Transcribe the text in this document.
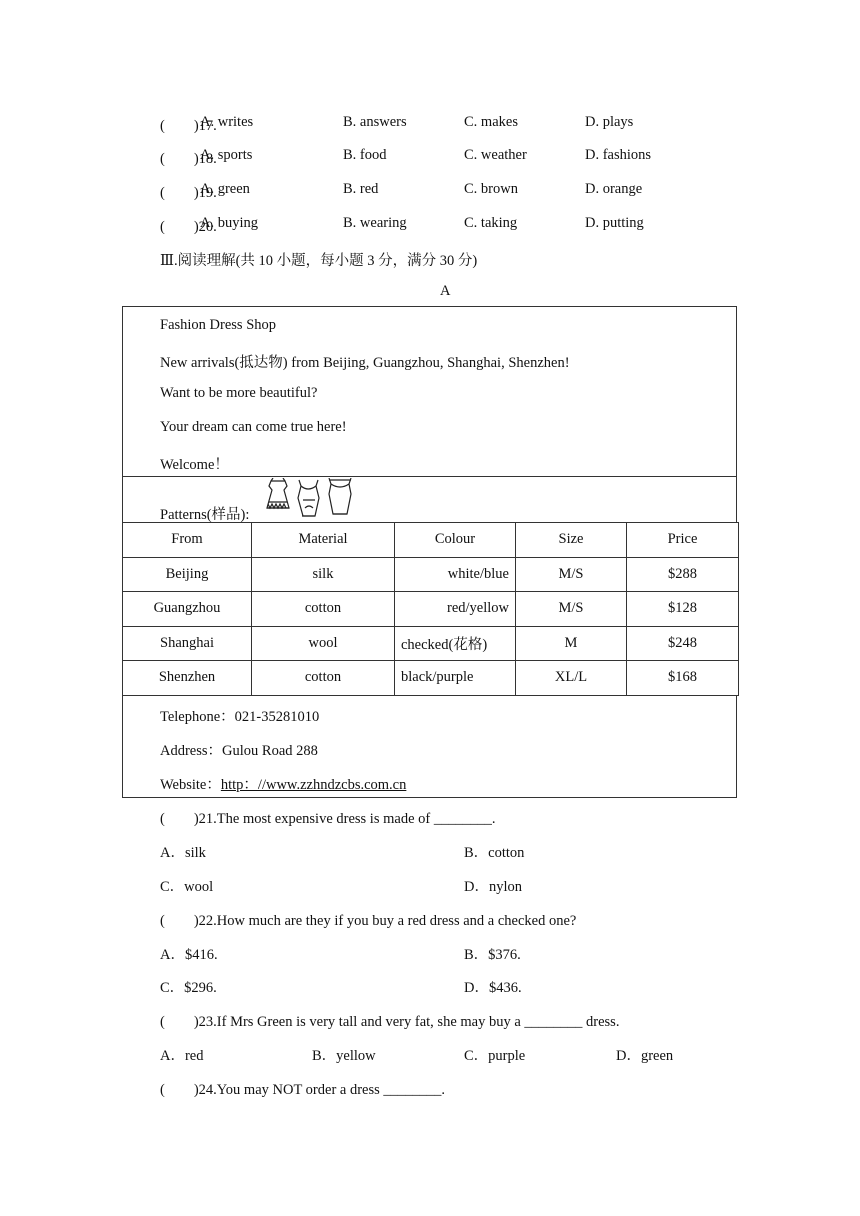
(　　)17.
A. writes	B. answers	C. makes	D. plays
(　　)18.
A. sports	B. food	C. weather	D. fashions
(　　)19.
A. green	B. red	C. brown	D. orange
(　　)20.
A. buying	B. wearing	C. taking	D. putting
Ⅲ.阅读理解(共 10 小题，每小题 3 分，满分 30 分)
A
Fashion Dress Shop
New arrivals(抵达物) from Beijing, Guangzhou, Shanghai, Shenzhen!
Want to be more beautiful?
Your dream can come true here!
Welcome！
Patterns(样品):
From	Material	Colour	Size	Price
Beijing	silk	white/blue	M/S	$288
Guangzhou	cotton	red/yellow	M/S	$128
Shanghai	wool	checked(花格)	M	$248
Shenzhen	cotton	black/purple	XL/L	$168
Telephone：021-35281010
Address：Gulou Road 288
Website：http：//www.zzhndzcbs.com.cn
(　　)21.The most expensive dress is made of ________.
A．silk	B．cotton
C．wool	D．nylon
(　　)22.How much are they if you buy a red dress and a checked one?
A．$416.	B．$376.
C．$296.	D．$436.
(　　)23.If Mrs Green is very tall and very fat, she may buy a ________ dress.
A．red	B．yellow	C．purple	D．green
(　　)24.You may NOT order a dress ________.
